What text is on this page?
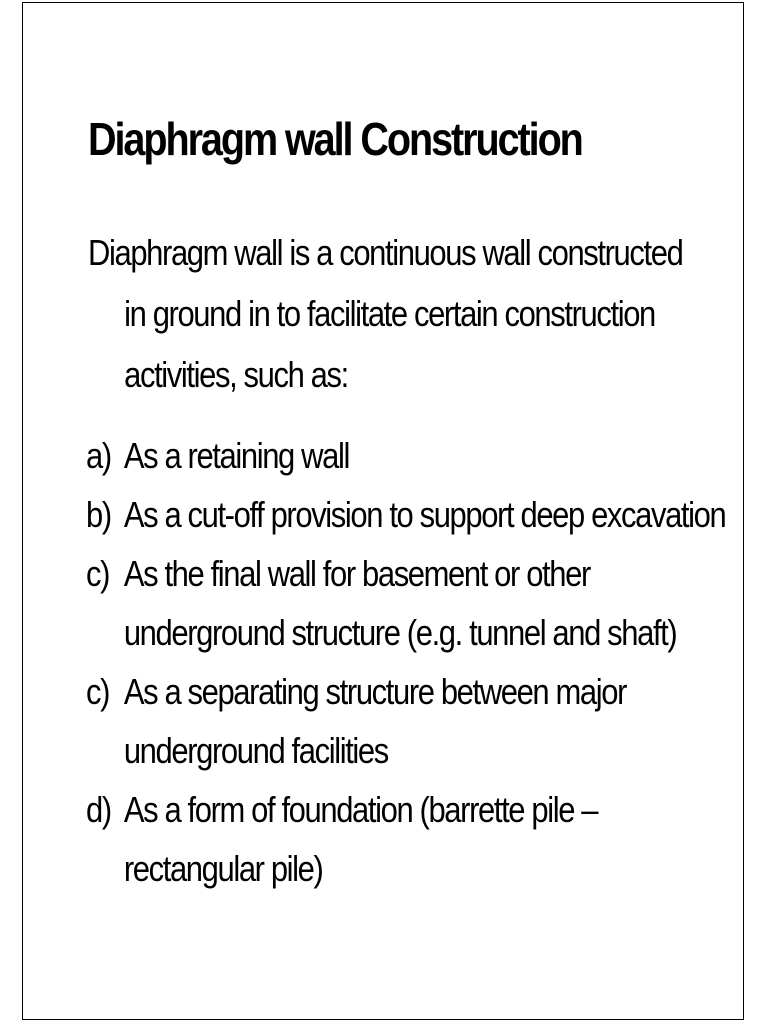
Diaphragm wall Construction

Diaphragm wall is a continuous wall constructed
in ground in to facilitate certain construction
activities, such as:

a) As a retaining wall
b) As a cut-off provision to support deep excavation
c) As the final wall for basement or other
underground structure (e.g. tunnel and shaft)
c) As a separating structure between major
underground facilities
d) As a form of foundation (barrette pile –
rectangular pile)
